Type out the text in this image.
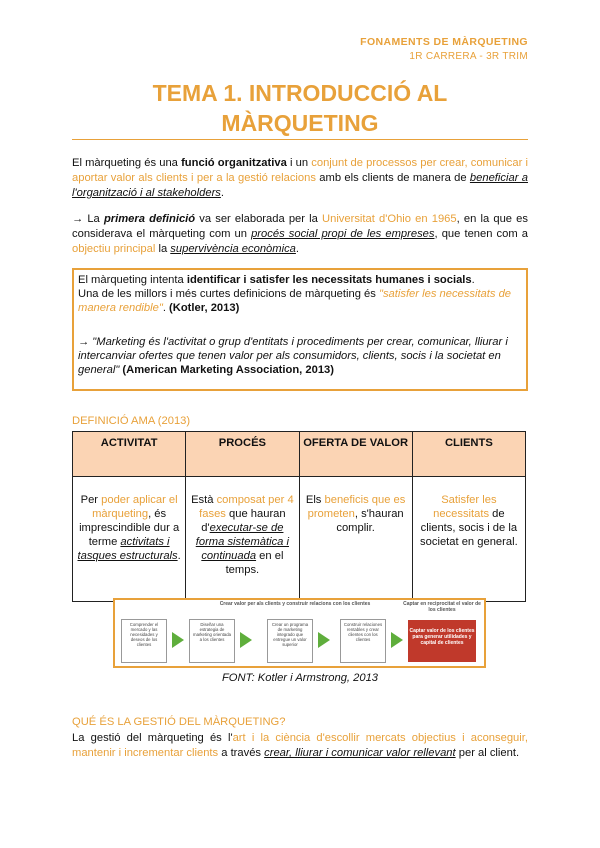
FONAMENTS DE MÀRQUETING
1R CARRERA - 3R TRIM
TEMA 1. INTRODUCCIÓ AL
MÀRQUETING
El màrqueting és una funció organitzativa i un conjunt de processos per crear, comunicar i aportar valor als clients i per a la gestió relacions amb els clients de manera de beneficiar a l'organització i al stakeholders.
→ La primera definició va ser elaborada per la Universitat d'Ohio en 1965, en la que es considerava el màrqueting com un procés social propi de les empreses, que tenen com a objectiu principal la supervivència econòmica.
El màrqueting intenta identificar i satisfer les necessitats humanes i socials.
Una de les millors i més curtes definicions de màrqueting és "satisfer les necessitats de manera rendible". (Kotler, 2013)
→ "Marketing és l'activitat o grup d'entitats i procediments per crear, comunicar, lliurar i intercanviar ofertes que tenen valor per als consumidors, clients, socis i la societat en general" (American Marketing Association, 2013)
DEFINICIÓ AMA (2013)
ACTIVITAT	PROCÉS	OFERTA DE VALOR	CLIENTS
Per poder aplicar el màrqueting, és imprescindible dur a terme activitats i tasques estructurals.	Està composat per 4 fases que hauran d'executar-se de forma sistemàtica i continuada en el temps.	Els beneficis que es prometen, s'hauran complir.	Satisfer les necessitats de clients, socis i de la societat en general.
Crear valor per als clients y construir relacions con los clientes	Captar en reciprocitat el valor de los clientes
Comprender el mercado y las necesidades y deseos de los clientes
Diseñar una estrategia de marketing orientada a los clientes
Crear un programa de marketing integrado que entregue un valor superior
Construir relaciones rentables y crear clientes con los clientes
Captar valor de los clientes para generar utilidades y capital de clientes
FONT: Kotler i Armstrong, 2013
QUÉ ÉS LA GESTIÓ DEL MÀRQUETING?
La gestió del màrqueting és l'art i la ciència d'escollir mercats objectius i aconseguir, mantenir i incrementar clients a través crear, lliurar i comunicar valor rellevant per al client.
